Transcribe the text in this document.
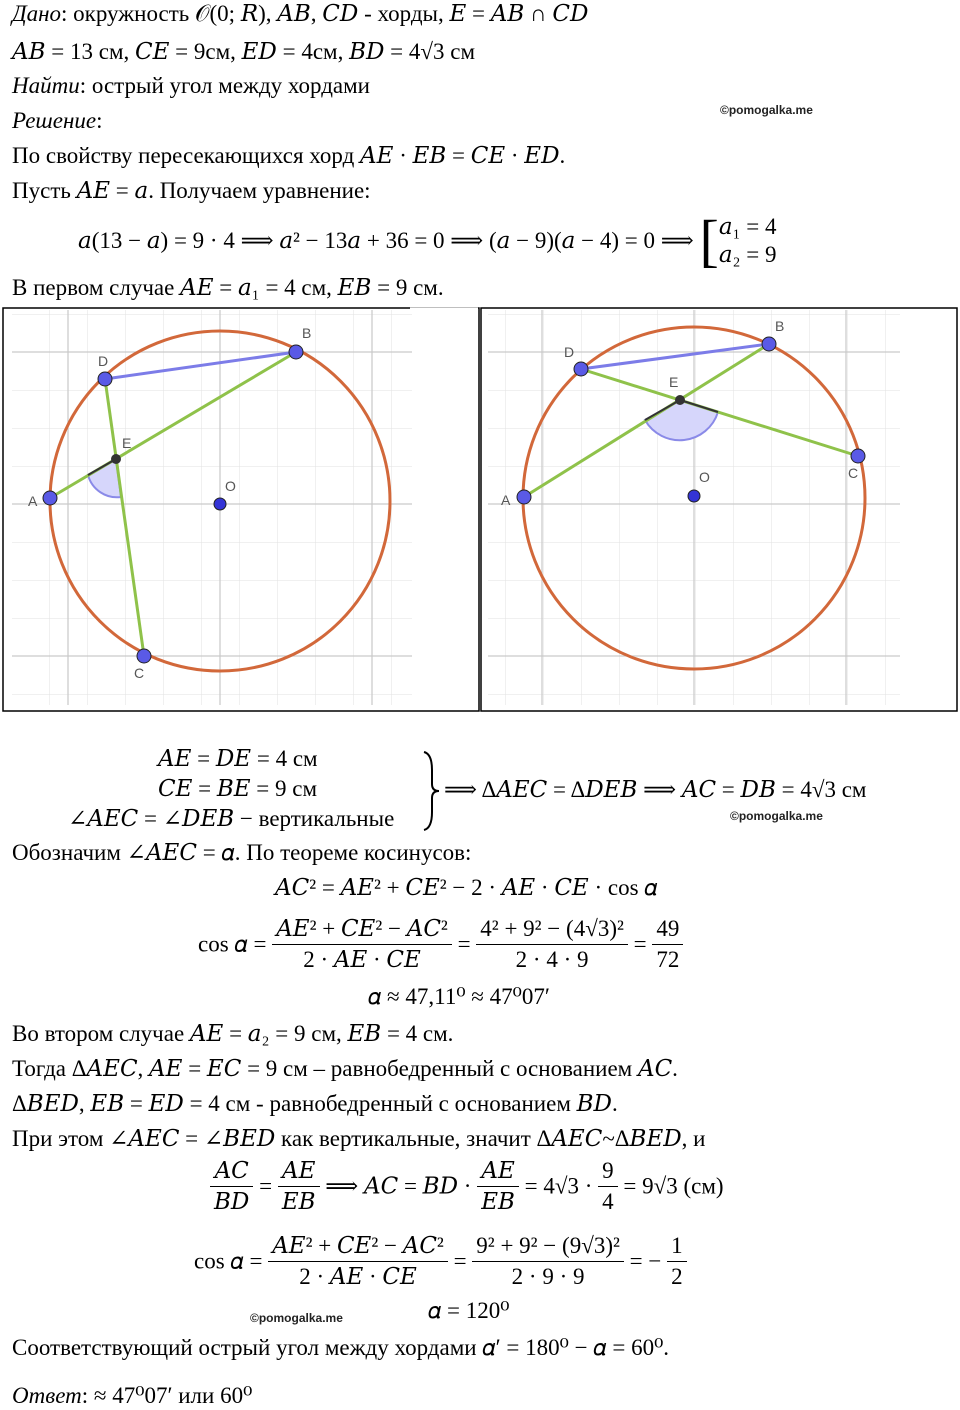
Дано: окружность 𝒪(0; 𝑅), 𝐴𝐵, 𝐶𝐷 - хорды, 𝐸 = 𝐴𝐵 ∩ 𝐶𝐷
𝐴𝐵 = 13 см, 𝐶𝐸 = 9см, 𝐸𝐷 = 4см, 𝐵𝐷 = 4√3 см
Найти: острый угол между хордами
©pomogalka.me
Решение:
По свойству пересекающихся хорд 𝐴𝐸 · 𝐸𝐵 = 𝐶𝐸 · 𝐸𝐷.
Пусть 𝐴𝐸 = 𝑎. Получаем уравнение:
𝑎(13 − 𝑎) = 9 · 4 ⟹ 𝑎² − 13𝑎 + 36 = 0 ⟹ (𝑎 − 9)(𝑎 − 4) = 0 ⟹ [ 𝑎₁ = 4
𝑎₂ = 9
В первом случае 𝐴𝐸 = 𝑎₁ = 4 см, 𝐸𝐵 = 9 см.
A
B
C
D
E
O
A
B
C
D
E
O
𝐴𝐸 = 𝐷𝐸 = 4 см
𝐶𝐸 = 𝐵𝐸 = 9 см
∠𝐴𝐸𝐶 = ∠𝐷𝐸𝐵 − вертикальные
⟹ Δ𝐴𝐸𝐶 = Δ𝐷𝐸𝐵 ⟹ 𝐴𝐶 = 𝐷𝐵 = 4√3 см
©pomogalka.me
Обозначим ∠𝐴𝐸𝐶 = 𝛼. По теореме косинусов:
𝐴𝐶² = 𝐴𝐸² + 𝐶𝐸² − 2 · 𝐴𝐸 · 𝐶𝐸 · cos 𝛼
cos 𝛼 =
𝐴𝐸² + 𝐶𝐸² − 𝐴𝐶²
2 · 𝐴𝐸 · 𝐶𝐸
= $\frac{\text{4² + 9² − (4√3)²}}{2 \cdot 4 \cdot 9} = \frac{49}{72}$
𝛼 ≈ 47,11⁰ ≈ 47⁰07′
Во втором случае 𝐴𝐸 = 𝑎₂ = 9 см, 𝐸𝐵 = 4 см.
Тогда Δ𝐴𝐸𝐶, 𝐴𝐸 = 𝐸𝐶 = 9 см – равнобедренный с основанием 𝐴𝐶.
Δ𝐵𝐸𝐷, 𝐸𝐵 = 𝐸𝐷 = 4 см - равнобедренный с основанием 𝐵𝐷.
При этом ∠𝐴𝐸𝐶 = ∠𝐵𝐸𝐷 как вертикальные, значит Δ𝐴𝐸𝐶~Δ𝐵𝐸𝐷, и
𝐴𝐶
𝐵𝐷
=
𝐴𝐸
𝐸𝐵
⟹ 𝐴𝐶 = 𝐵𝐷 ·
𝐴𝐸
𝐸𝐵
= $4√3 \cdot \frac{9}{4} = 9√3$ (см)
cos 𝛼 =
𝐴𝐸² + 𝐶𝐸² − 𝐴𝐶²
2 · 𝐴𝐸 · 𝐶𝐸
= $\frac{\text{9² + 9² − (9√3)²}}{2 \cdot 9 \cdot 9}$ = − $\frac{1}{2}$
©pomogalka.me	𝛼 = 120⁰
Соответствующий острый угол между хордами 𝛼′ = 180⁰ − 𝛼 = 60⁰.
Ответ: ≈ 47⁰07′ или 60⁰
